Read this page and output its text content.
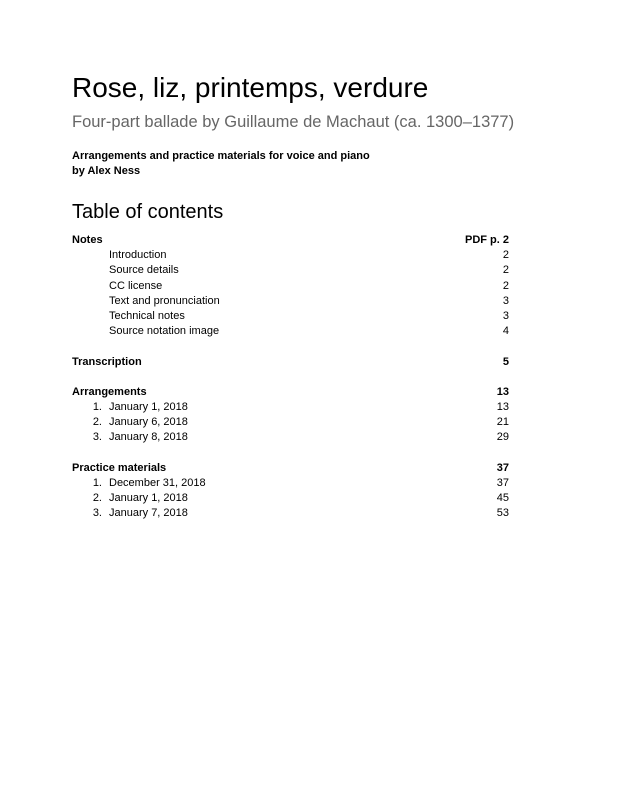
Rose, liz, printemps, verdure

Four-part ballade by Guillaume de Machaut (ca. 1300–1377)

Arrangements and practice materials for voice and piano
by Alex Ness
Table of contents
Notes	PDF p. 2
Introduction	2
Source details	2
CC license	2
Text and pronunciation	3
Technical notes	3
Source notation image	4
Transcription	5
Arrangements	13
1. January 1, 2018	13
2. January 6, 2018	21
3. January 8, 2018	29
Practice materials	37
1. December 31, 2018	37
2. January 1, 2018	45
3. January 7, 2018	53
